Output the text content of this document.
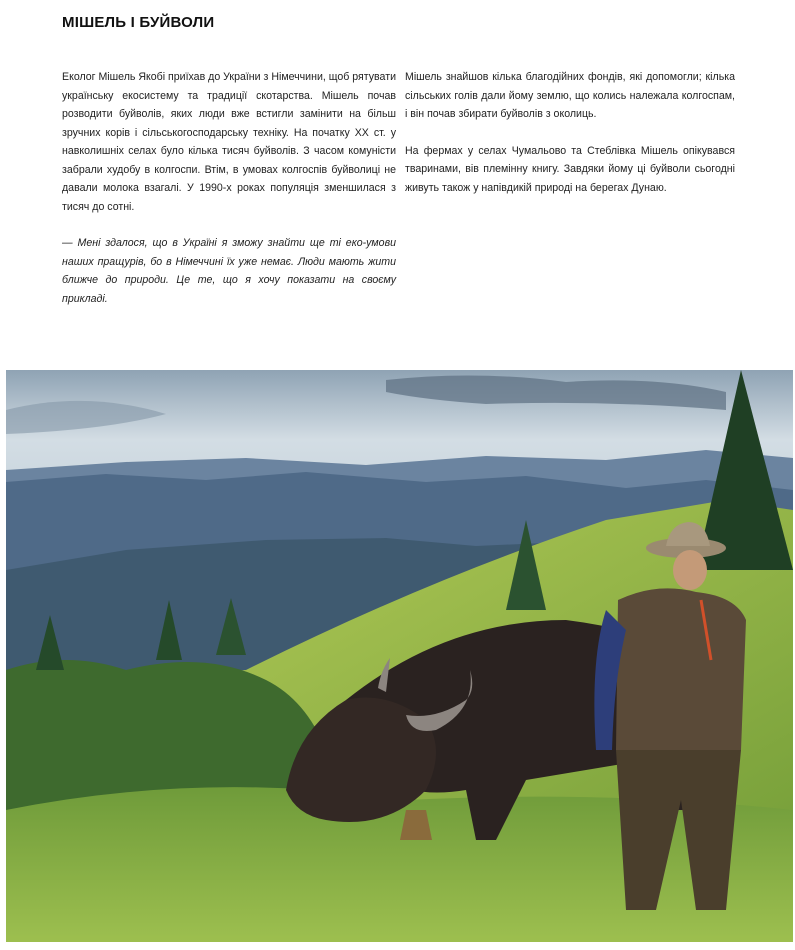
МІШЕЛЬ І БУЙВОЛИ

Еколог Мішель Якобі приїхав до України з Німеччини, щоб рятувати українську екосистему та традиції скотарства. Мішель почав розводити буйволів, яких люди вже встигли замінити на більш зручних корів і сільськогосподарську техніку. На початку XX ст. у навколишніх селах було кілька тисяч буйволів. З часом комуністи забрали худобу в колгоспи. Втім, в умовах колгоспів буйволиці не давали молока взагалі. У 1990-х роках популяція зменшилася з тисяч до сотні.

— Мені здалося, що в Україні я зможу знайти ще ті еко-умови наших пращурів, бо в Німеччині їх уже немає. Люди мають жити ближче до природи. Це те, що я хочу показати на своєму прикладі.

Мішель знайшов кілька благодійних фондів, які допомогли; кілька сільських голів дали йому землю, що колись належала колгоспам, і він почав збирати буйволів з околиць.

На фермах у селах Чумальово та Стеблівка Мішель опікувався тваринами, вів племінну книгу. Завдяки йому ці буйволи сьогодні живуть також у напівдикій природі на берегах Дунаю.
